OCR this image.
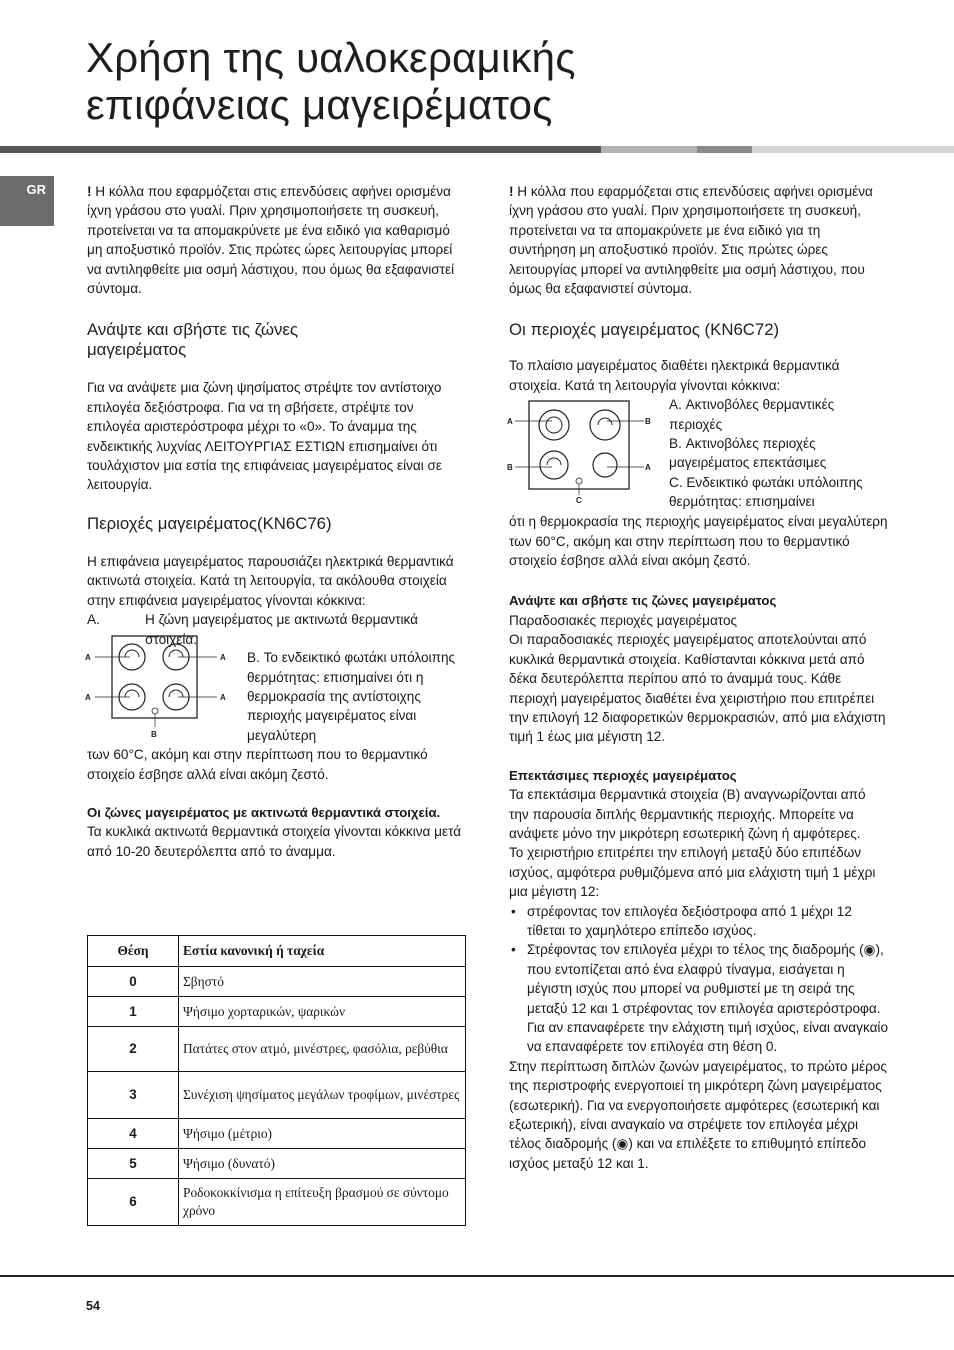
Χρήση της υαλοκεραμικής
επιφάνειας μαγειρέματος
GR	! Η κόλλα που εφαρμόζεται στις επενδύσεις αφήνει ορισμένα ίχνη γράσου στο γυαλί. Πριν χρησιμοποιήσετε τη συσκευή, προτείνεται να τα απομακρύνετε με ένα ειδικό για καθαρισμό μη αποξυστικό προϊόν. Στις πρώτες ώρες λειτουργίας μπορεί να αντιληφθείτε μια οσμή λάστιχου, που όμως θα εξαφανιστεί σύντομα.

Ανάψτε και σβήστε τις ζώνες μαγειρέματος

Για να ανάψετε μια ζώνη ψησίματος στρέψτε τον αντίστοιχο επιλογέα δεξιόστροφα. Για να τη σβήσετε, στρέψτε τον επιλογέα αριστερόστροφα μέχρι το «0». Το άναμμα της ενδεικτικής λυχνίας ΛΕΙΤΟΥΡΓΙΑΣ ΕΣΤΙΩΝ επισημαίνει ότι τουλάχιστον μια εστία της επιφάνειας μαγειρέματος είναι σε λειτουργία.

Περιοχές μαγειρέματος(KN6C76)

Η επιφάνεια μαγειρέματος παρουσιάζει ηλεκτρικά θερμαντικά ακτινωτά στοιχεία. Κατά τη λειτουργία, τα ακόλουθα στοιχεία στην επιφάνεια μαγειρέματος γίνονται κόκκινα:

A.	Η ζώνη μαγειρέματος με ακτινωτά θερμαντικά στοιχεία.
B. Το ενδεικτικό φωτάκι υπόλοιπης θερμότητας: επισημαίνει ότι η θερμοκρασία της αντίστοιχης περιοχής μαγειρέματος είναι μεγαλύτερη
A	A
A	A
B

των 60°C, ακόμη και στην περίπτωση που το θερμαντικό στοιχείο έσβησε αλλά είναι ακόμη ζεστό.

Οι ζώνες μαγειρέματος με ακτινωτά θερμαντικά στοιχεία.

Τα κυκλικά ακτινωτά θερμαντικά στοιχεία γίνονται κόκκινα μετά από 10-20 δευτερόλεπτα από το άναμμα.

Θέση	Εστία κανονική ή ταχεία
0	Σβηστό
1	Ψήσιμο χορταρικών, ψαρικών
2	Πατάτες στον ατμό, μινέστρες, φασόλια, ρεβύθια
3	Συνέχιση ψησίματος μεγάλων τροφίμων, μινέστρες
4	Ψήσιμο (μέτριο)
5	Ψήσιμο (δυνατό)
6	Ροδοκοκκίνισμα η επίτευξη βρασμού σε σύντομο χρόνο

! Η κόλλα που εφαρμόζεται στις επενδύσεις αφήνει ορισμένα ίχνη γράσου στο γυαλί. Πριν χρησιμοποιήσετε τη συσκευή, προτείνεται να τα απομακρύνετε με ένα ειδικό για τη συντήρηση μη αποξυστικό προϊόν. Στις πρώτες ώρες λειτουργίας μπορεί να αντιληφθείτε μια οσμή λάστιχου, που όμως θα εξαφανιστεί σύντομα.

Οι περιοχές μαγειρέματος (KN6C72)

Το πλαίσιο μαγειρέματος διαθέτει ηλεκτρικά θερμαντικά στοιχεία. Κατά τη λειτουργία γίνονται κόκκινα:

A	B
B	A
C

A. Ακτινοβόλες θερμαντικές περιοχές

B. Ακτινοβόλες περιοχές μαγειρέματος επεκτάσιμες

C. Ενδεικτικό φωτάκι υπόλοιπης θερμότητας: επισημαίνει

ότι η θερμοκρασία της περιοχής μαγειρέματος είναι μεγαλύτερη των 60°C, ακόμη και στην περίπτωση που το θερμαντικό στοιχείο έσβησε αλλά είναι ακόμη ζεστό.

Ανάψτε και σβήστε τις ζώνες μαγειρέματος

Παραδοσιακές περιοχές μαγειρέματος

Οι παραδοσιακές περιοχές μαγειρέματος αποτελούνται από κυκλικά θερμαντικά στοιχεία. Καθίστανται κόκκινα μετά από δέκα δευτερόλεπτα περίπου από το άναμμά τους. Κάθε περιοχή μαγειρέματος διαθέτει ένα χειριστήριο που επιτρέπει την επιλογή 12 διαφορετικών θερμοκρασιών, από μια ελάχιστη τιμή 1 έως μια μέγιστη 12.

Επεκτάσιμες περιοχές μαγειρέματος

Τα επεκτάσιμα θερμαντικά στοιχεία (B) αναγνωρίζονται από την παρουσία διπλής θερμαντικής περιοχής. Μπορείτε να ανάψετε μόνο την μικρότερη εσωτερική ζώνη ή αμφότερες.

Το χειριστήριο επιτρέπει την επιλογή μεταξύ δύο επιπέδων ισχύος, αμφότερα ρυθμιζόμενα από μια ελάχιστη τιμή 1 μέχρι μια μέγιστη 12:

• στρέφοντας τον επιλογέα δεξιόστροφα από 1 μέχρι 12 τίθεται το χαμηλότερο επίπεδο ισχύος.
• Στρέφοντας τον επιλογέα μέχρι το τέλος της διαδρομής (◉), που εντοπίζεται από ένα ελαφρύ τίναγμα, εισάγεται η μέγιστη ισχύς που μπορεί να ρυθμιστεί με τη σειρά της μεταξύ 12 και 1 στρέφοντας τον επιλογέα αριστερόστροφα. Για αν επαναφέρετε την ελάχιστη τιμή ισχύος, είναι αναγκαίο να επαναφέρετε τον επιλογέα στη θέση 0.

Στην περίπτωση διπλών ζωνών μαγειρέματος, το πρώτο μέρος της περιστροφής ενεργοποιεί τη μικρότερη ζώνη μαγειρέματος (εσωτερική). Για να ενεργοποιήσετε αμφότερες (εσωτερική και εξωτερική), είναι αναγκαίο να στρέψετε τον επιλογέα μέχρι τέλος διαδρομής (◉) και να επιλέξετε το επιθυμητό επίπεδο ισχύος μεταξύ 12 και 1.

54
